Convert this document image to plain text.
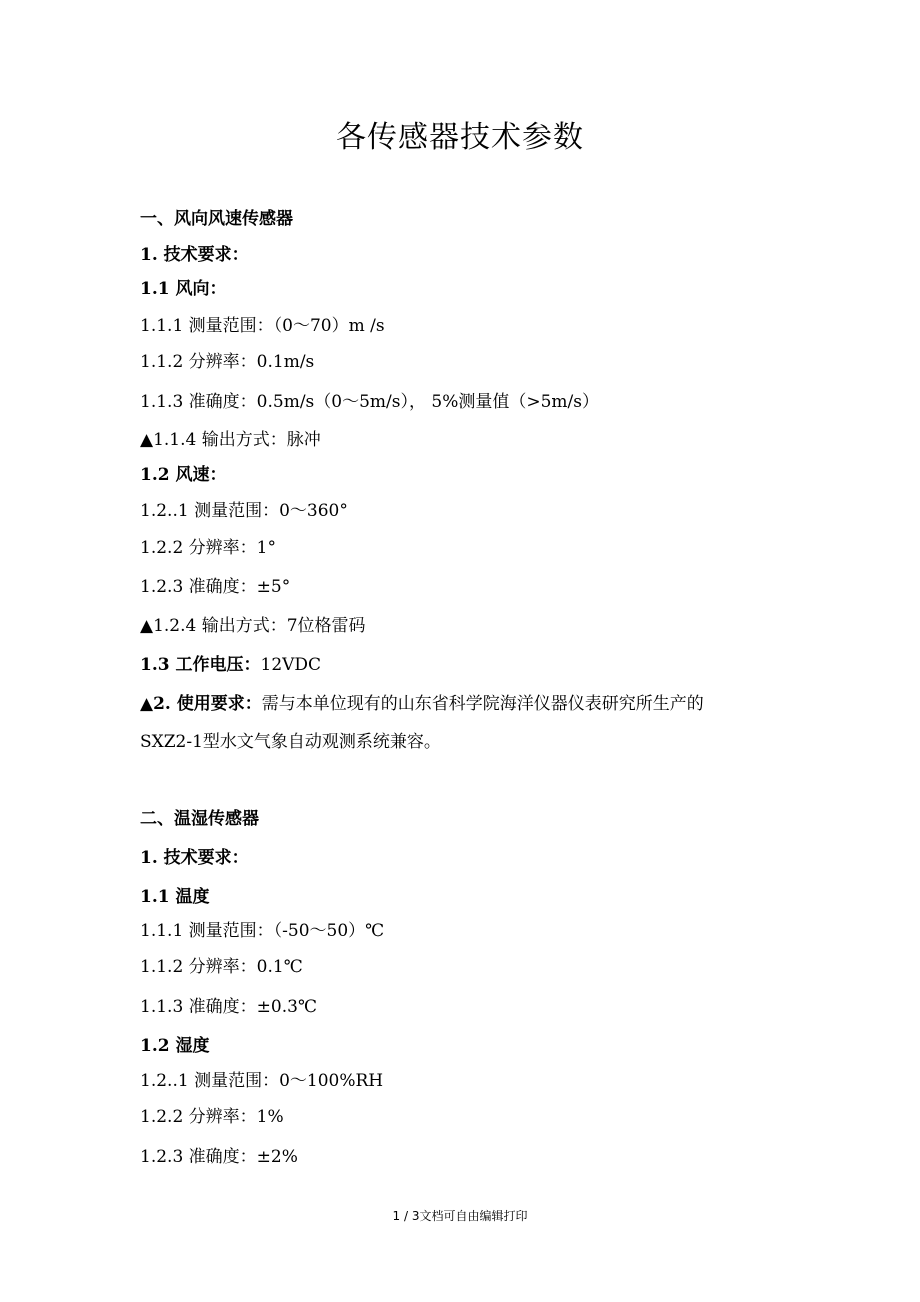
各传感器技术参数
一、风向风速传感器
1. 技术要求：
1.1 风向：
1.1.1 测量范围：（0～70）m /s
1.1.2 分辨率：0.1m/s
1.1.3 准确度：0.5m/s（0～5m/s）， 5%测量值（>5m/s）
▲1.1.4 输出方式：脉冲
1.2 风速：
1.2..1 测量范围：0～360°
1.2.2 分辨率：1°
1.2.3 准确度：±5°
▲1.2.4 输出方式：7位格雷码
1.3 工作电压：12VDC
▲2. 使用要求：需与本单位现有的山东省科学院海洋仪器仪表研究所生产的
SXZ2-1型水文气象自动观测系统兼容。
二、温湿传感器
1. 技术要求：
1.1 温度
1.1.1 测量范围：（-50～50）℃
1.1.2 分辨率：0.1℃
1.1.3 准确度：±0.3℃
1.2 湿度
1.2..1 测量范围：0～100%RH
1.2.2 分辨率：1%
1.2.3 准确度：±2%
1 / 3文档可自由编辑打印
